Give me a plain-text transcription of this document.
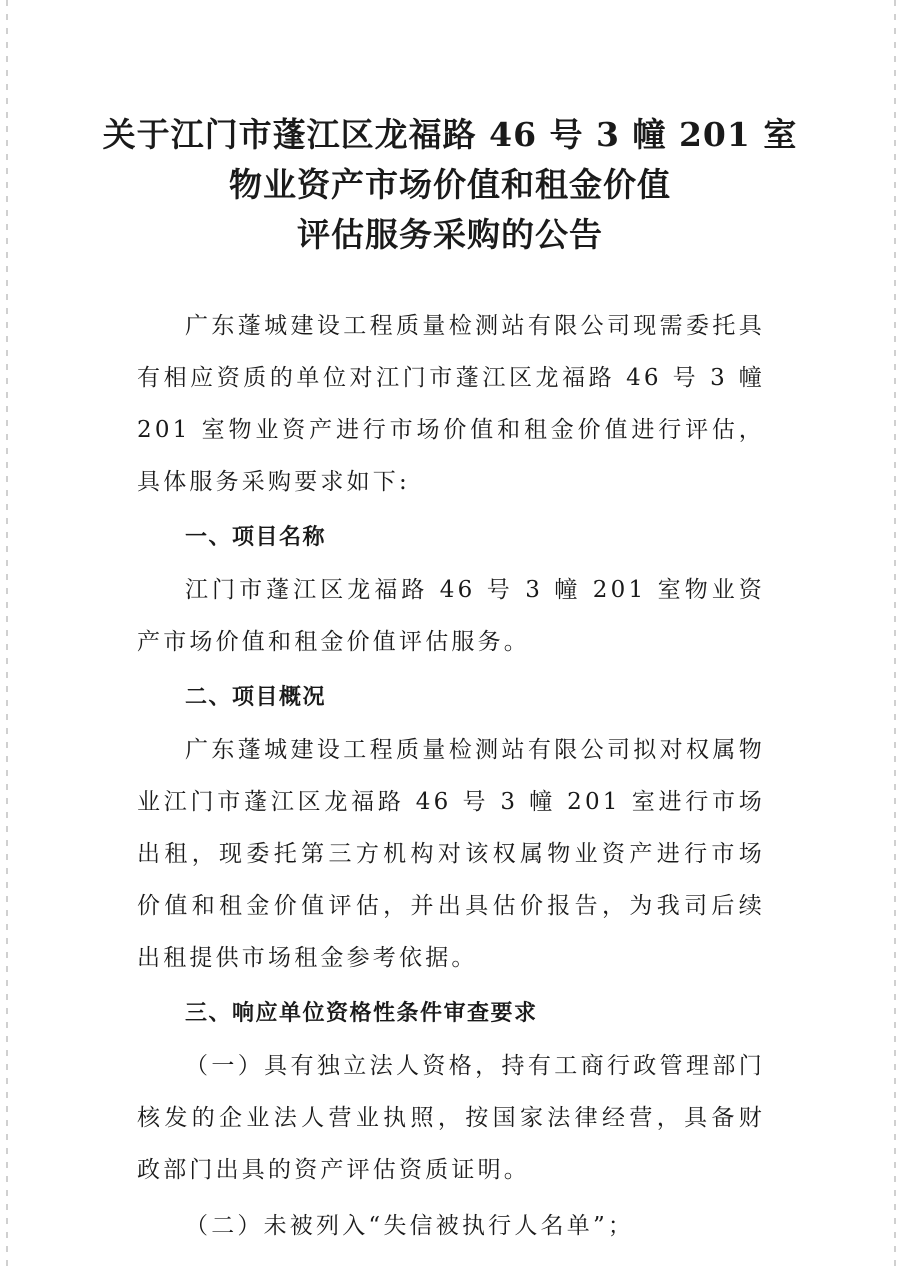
关于江门市蓬江区龙福路 46 号 3 幢 201 室
物业资产市场价值和租金价值
评估服务采购的公告

广东蓬城建设工程质量检测站有限公司现需委托具有相应资质的单位对江门市蓬江区龙福路 46 号 3 幢 201 室物业资产进行市场价值和租金价值进行评估，具体服务采购要求如下:

一、项目名称

江门市蓬江区龙福路 46 号 3 幢 201 室物业资产市场价值和租金价值评估服务。

二、项目概况

广东蓬城建设工程质量检测站有限公司拟对权属物业江门市蓬江区龙福路 46 号 3 幢 201 室进行市场出租，现委托第三方机构对该权属物业资产进行市场价值和租金价值评估，并出具估价报告，为我司后续出租提供市场租金参考依据。

三、响应单位资格性条件审查要求

（一）具有独立法人资格，持有工商行政管理部门核发的企业法人营业执照，按国家法律经营，具备财政部门出具的资产评估资质证明。

（二）未被列入“失信被执行人名单”；
